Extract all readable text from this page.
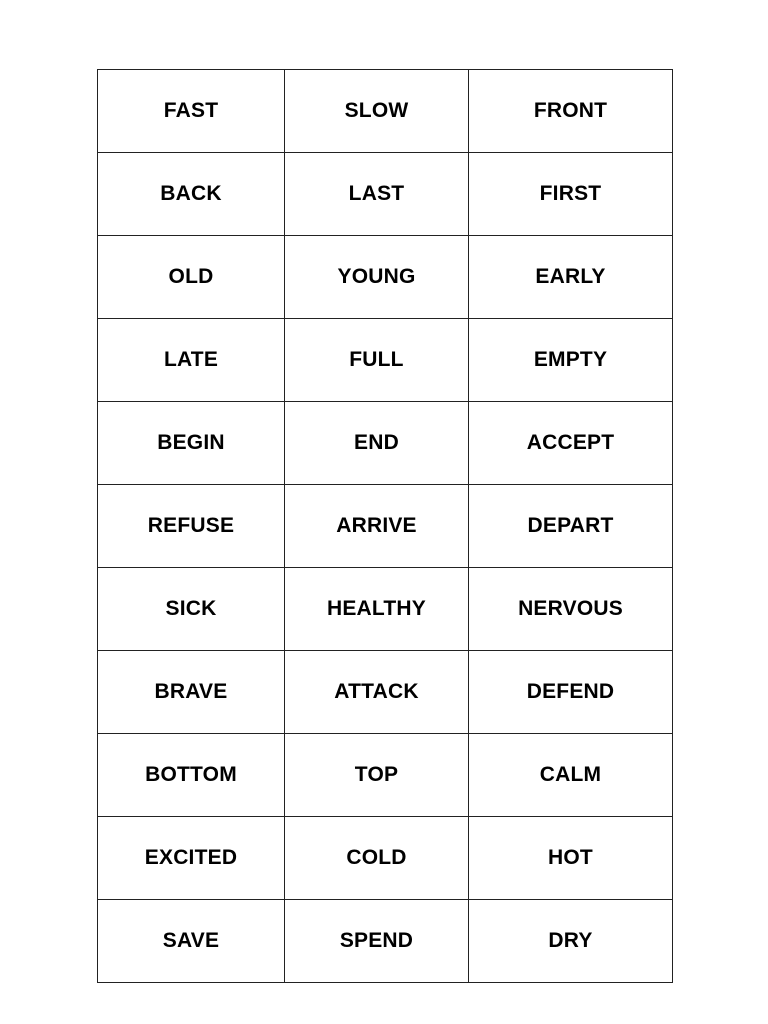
FAST	SLOW	FRONT
BACK	LAST	FIRST
OLD	YOUNG	EARLY
LATE	FULL	EMPTY
BEGIN	END	ACCEPT
REFUSE	ARRIVE	DEPART
SICK	HEALTHY	NERVOUS
BRAVE	ATTACK	DEFEND
BOTTOM	TOP	CALM
EXCITED	COLD	HOT
SAVE	SPEND	DRY
